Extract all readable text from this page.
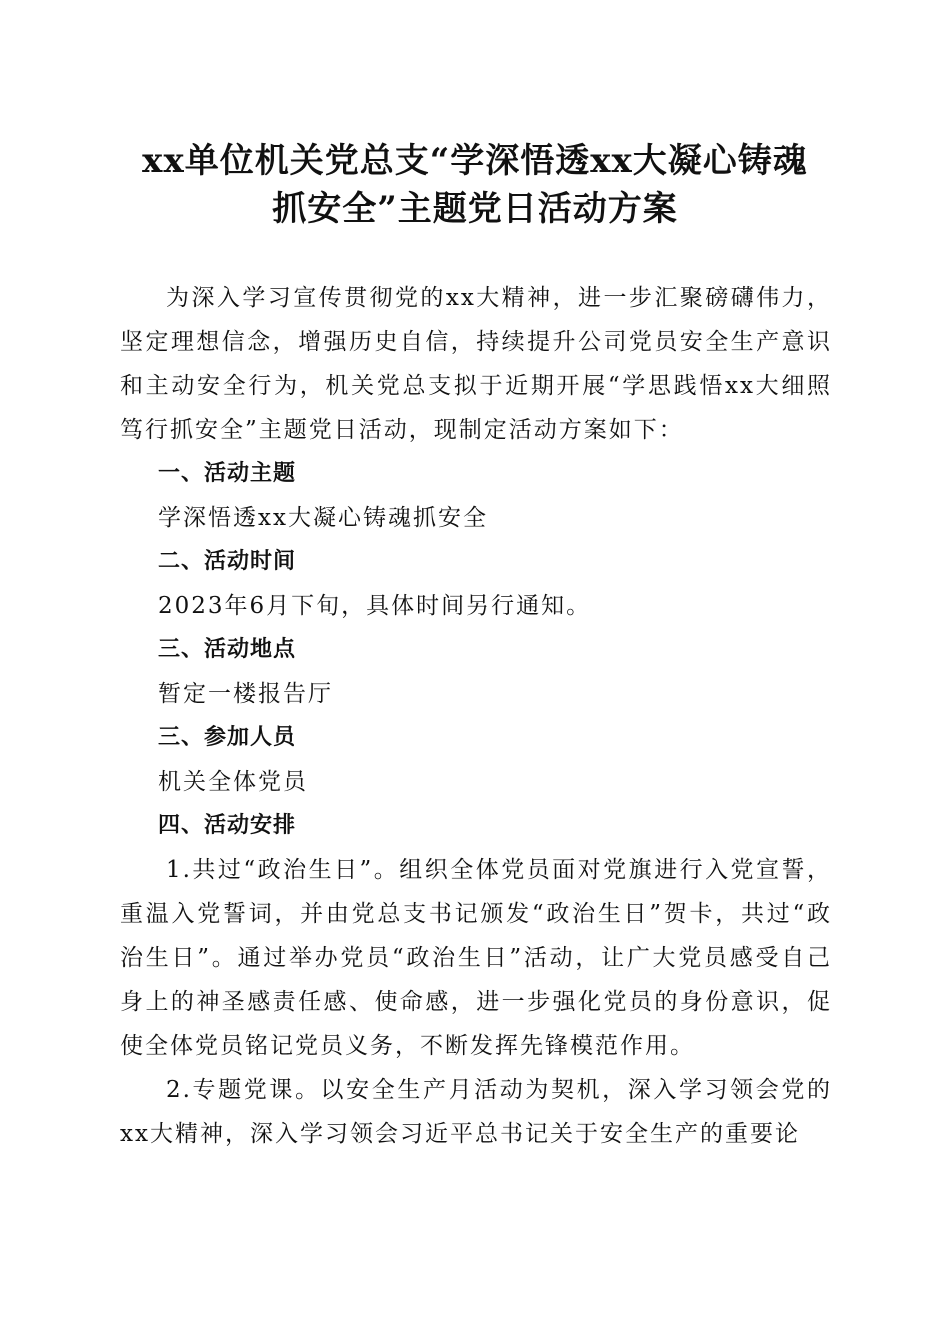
xx单位机关党总支“学深悟透xx大凝心铸魂
抓安全”主题党日活动方案

为深入学习宣传贯彻党的xx大精神，进一步汇聚磅礴伟力，坚定理想信念，增强历史自信，持续提升公司党员安全生产意识和主动安全行为，机关党总支拟于近期开展“学思践悟xx大细照笃行抓安全”主题党日活动，现制定活动方案如下：

一、活动主题

学深悟透xx大凝心铸魂抓安全

二、活动时间

2023年6月下旬，具体时间另行通知。

三、活动地点

暂定一楼报告厅

三、参加人员

机关全体党员

四、活动安排

1.共过“政治生日”。组织全体党员面对党旗进行入党宣誓，重温入党誓词，并由党总支书记颁发“政治生日”贺卡，共过“政治生日”。通过举办党员“政治生日”活动，让广大党员感受自己身上的神圣感责任感、使命感，进一步强化党员的身份意识，促使全体党员铭记党员义务，不断发挥先锋模范作用。

2.专题党课。以安全生产月活动为契机，深入学习领会党的xx大精神，深入学习领会习近平总书记关于安全生产的重要论
